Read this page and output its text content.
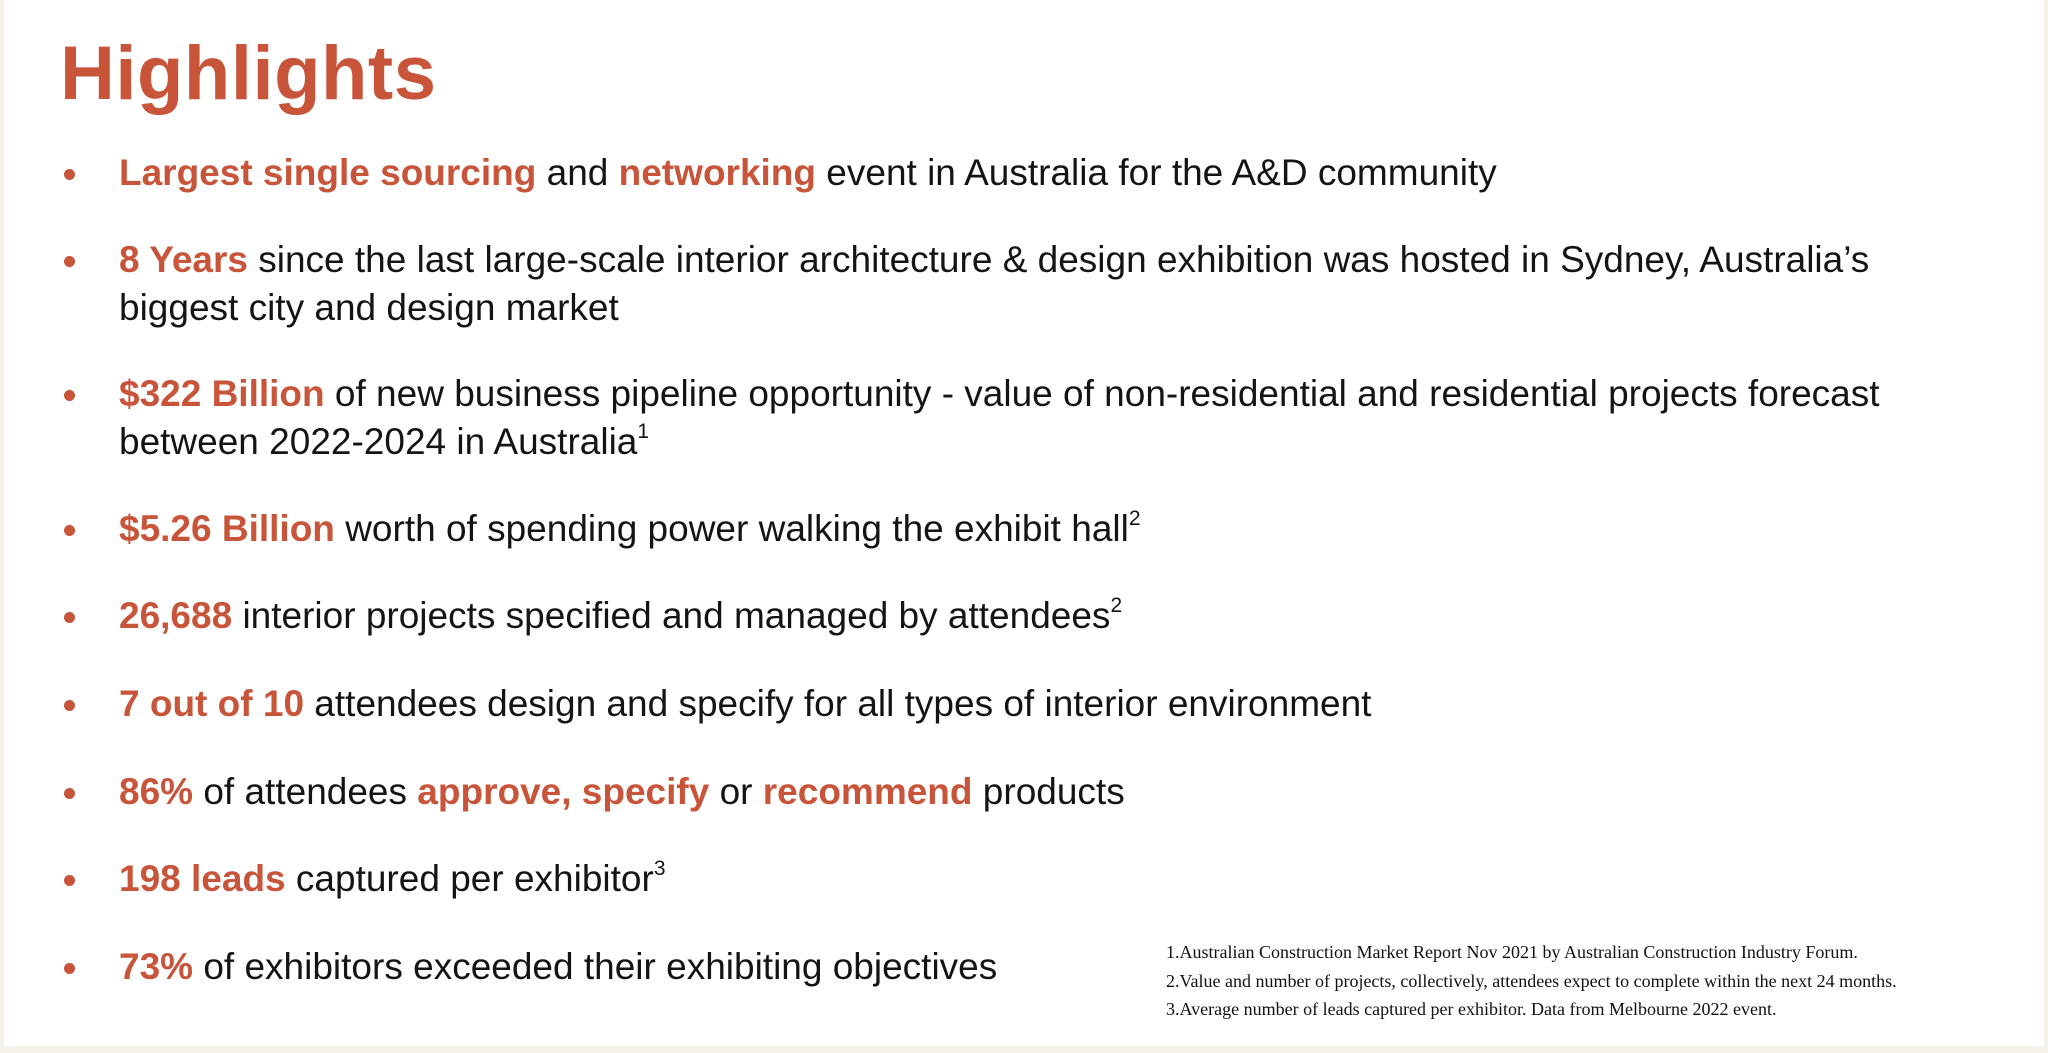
Highlights
Largest single sourcing and networking event in Australia for the A&D community
8 Years since the last large-scale interior architecture & design exhibition was hosted in Sydney, Australia’s
biggest city and design market
$322 Billion of new business pipeline opportunity - value of non-residential and residential projects forecast
between 2022-2024 in Australia$^1$
$5.26 Billion worth of spending power walking the exhibit hall$^2$
26,688 interior projects specified and managed by attendees$^2$
7 out of 10 attendees design and specify for all types of interior environment
86% of attendees approve, specify or recommend products
198 leads captured per exhibitor$^3$
73% of exhibitors exceeded their exhibiting objectives	1.Australian Construction Market Report Nov 2021 by Australian Construction Industry Forum.
2.Value and number of projects, collectively, attendees expect to complete within the next 24 months.
3.Average number of leads captured per exhibitor. Data from Melbourne 2022 event.
